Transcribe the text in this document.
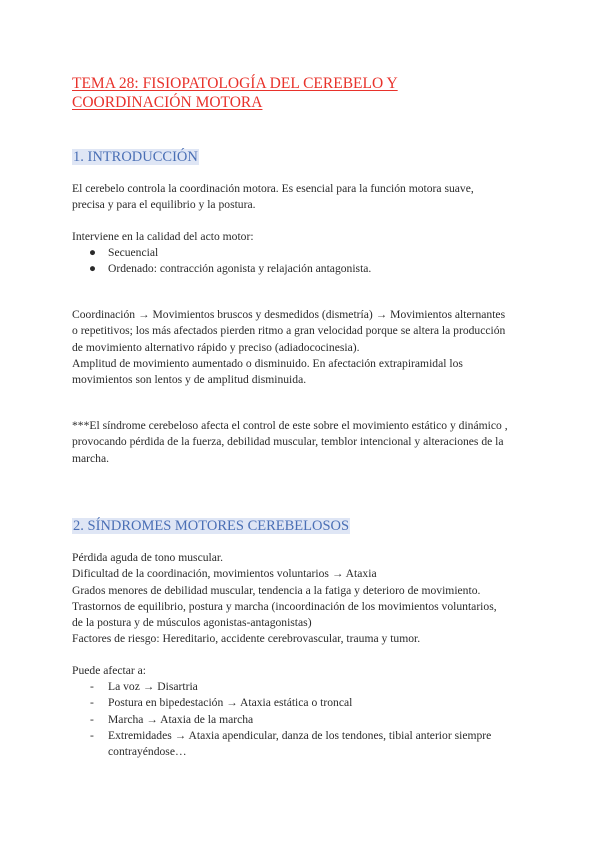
TEMA 28: FISIOPATOLOGÍA DEL CEREBELO Y
COORDINACIÓN MOTORA
1. INTRODUCCIÓN
El cerebelo controla la coordinación motora. Es esencial para la función motora suave,
precisa y para el equilibrio y la postura.
Interviene en la calidad del acto motor:
● Secuencial
● Ordenado: contracción agonista y relajación antagonista.
Coordinación → Movimientos bruscos y desmedidos (dismetría) → Movimientos alternantes
o repetitivos; los más afectados pierden ritmo a gran velocidad porque se altera la producción
de movimiento alternativo rápido y preciso (adiadococinesia).
Amplitud de movimiento aumentado o disminuido. En afectación extrapiramidal los
movimientos son lentos y de amplitud disminuida.
***El síndrome cerebeloso afecta el control de este sobre el movimiento estático y dinámico ,
provocando pérdida de la fuerza, debilidad muscular, temblor intencional y alteraciones de la
marcha.
2. SÍNDROMES MOTORES CEREBELOSOS
Pérdida aguda de tono muscular.
Dificultad de la coordinación, movimientos voluntarios → Ataxia
Grados menores de debilidad muscular, tendencia a la fatiga y deterioro de movimiento.
Trastornos de equilibrio, postura y marcha (incoordinación de los movimientos voluntarios,
de la postura y de músculos agonistas-antagonistas)
Factores de riesgo: Hereditario, accidente cerebrovascular, trauma y tumor.
Puede afectar a:
- La voz → Disartria
- Postura en bipedestación → Ataxia estática o troncal
- Marcha → Ataxia de la marcha
- Extremidades → Ataxia apendicular, danza de los tendones, tibial anterior siempre
contrayéndose…
